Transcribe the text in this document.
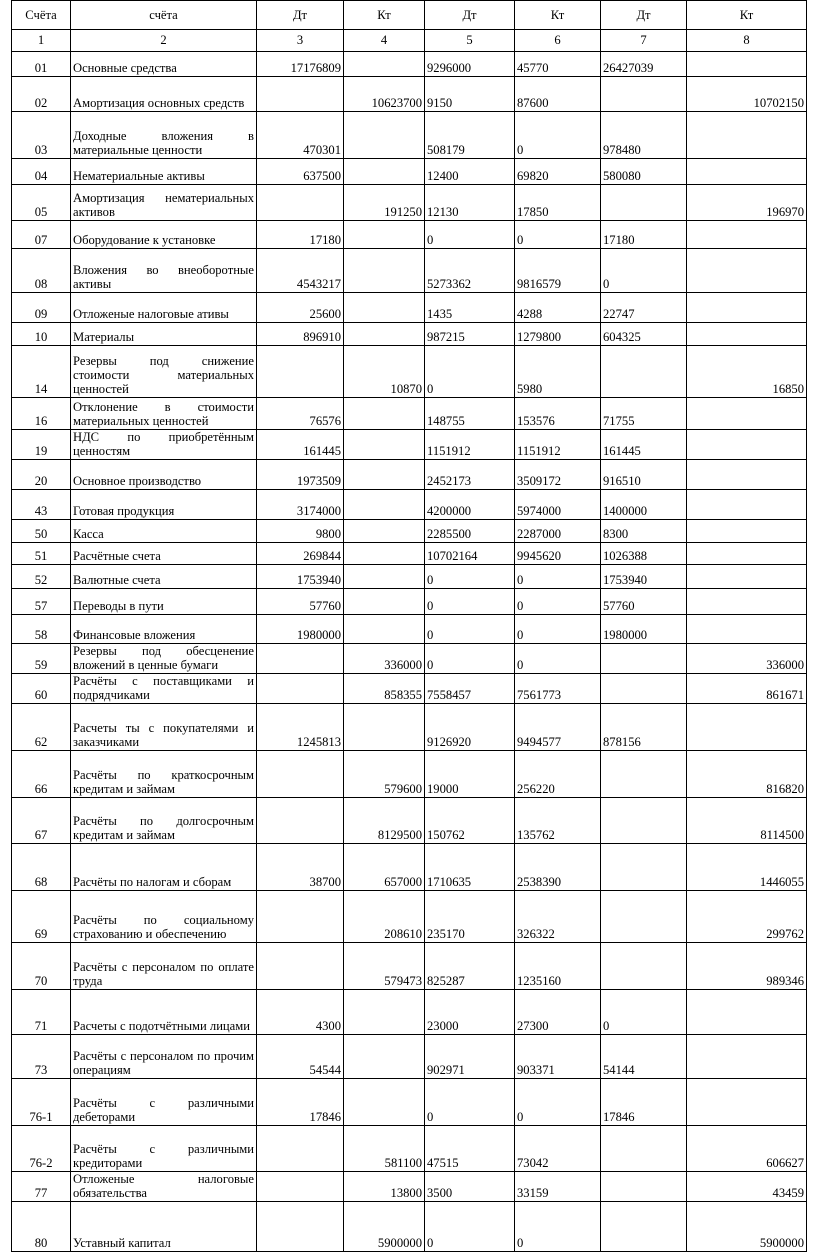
Счёта	счёта	Дт	Кт	Дт	Кт	Дт	Кт
1	2	3	4	5	6	7	8
01	Основные средства	17176809		9296000	45770	26427039	
02	Амортизация основных средств		10623700	9150	87600		10702150
03	Доходные вложения в материальные ценности	470301		508179	0	978480	
04	Нематериальные активы	637500		12400	69820	580080	
05	Амортизация нематериальных активов		191250	12130	17850		196970
07	Оборудование к установке	17180		0	0	17180	
08	Вложения во внеоборотные активы	4543217		5273362	9816579	0	
09	Отложеные налоговые ативы	25600		1435	4288	22747	
10	Материалы	896910		987215	1279800	604325	
14	Резервы под снижение стоимости материальных ценностей		10870	0	5980		16850
16	Отклонение в стоимости материальных ценностей	76576		148755	153576	71755	
19	НДС по приобретённым ценностям	161445		1151912	1151912	161445	
20	Основное производство	1973509		2452173	3509172	916510	
43	Готовая продукция	3174000		4200000	5974000	1400000	
50	Касса	9800		2285500	2287000	8300	
51	Расчётные счета	269844		10702164	9945620	1026388	
52	Валютные счета	1753940		0	0	1753940	
57	Переводы в пути	57760		0	0	57760	
58	Финансовые вложения	1980000		0	0	1980000	
59	Резервы под обесценение вложений в ценные бумаги		336000	0	0		336000
60	Расчёты с поставщиками и подрядчиками		858355	7558457	7561773		861671
62	Расчеты ты с покупателями и заказчиками	1245813		9126920	9494577	878156	
66	Расчёты по краткосрочным кредитам и займам		579600	19000	256220		816820
67	Расчёты по долгосрочным кредитам и займам		8129500	150762	135762		8114500
68	Расчёты по налогам и сборам	38700	657000	1710635	2538390		1446055
69	Расчёты по социальному страхованию и обеспечению		208610	235170	326322		299762
70	Расчёты с персоналом по оплате труда		579473	825287	1235160		989346
71	Расчеты с подотчётными лицами	4300		23000	27300	0	
73	Расчёты с персоналом по прочим операциям	54544		902971	903371	54144	
76-1	Расчёты с различными дебеторами	17846		0	0	17846	
76-2	Расчёты с различными кредиторами		581100	47515	73042		606627
77	Отложеные налоговые обязательства		13800	3500	33159		43459
80	Уставный капитал		5900000	0	0		5900000
